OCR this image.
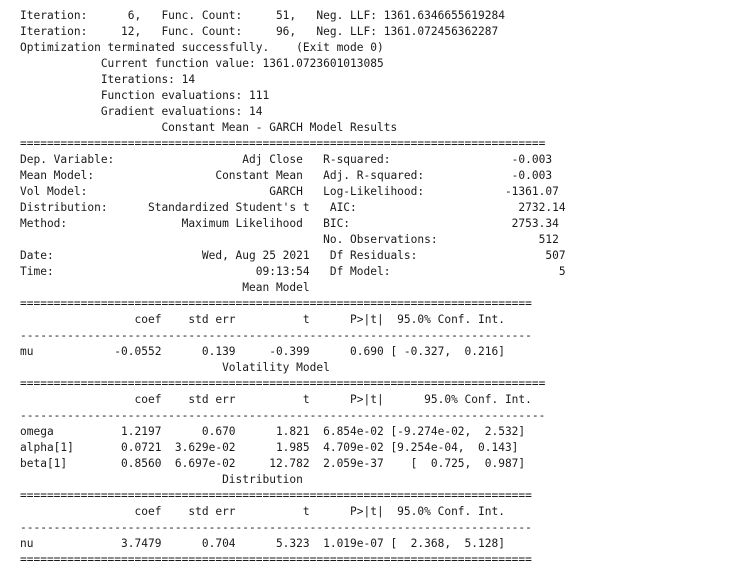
Iteration:      6,   Func. Count:     51,   Neg. LLF: 1361.6346655619284
Iteration:     12,   Func. Count:     96,   Neg. LLF: 1361.072456362287
Optimization terminated successfully.    (Exit mode 0)
Current function value: 1361.0723601013085
Iterations: 14
Function evaluations: 111
Gradient evaluations: 14
Constant Mean - GARCH Model Results
==============================================================================
Dep. Variable:                   Adj Close   R-squared:                  -0.003
Mean Model:                  Constant Mean   Adj. R-squared:             -0.003
Vol Model:                           GARCH   Log-Likelihood:            -1361.07
Distribution:      Standardized Student's t   AIC:                        2732.14
Method:                 Maximum Likelihood   BIC:                        2753.34
No. Observations:               512
Date:                      Wed, Aug 25 2021   Df Residuals:                   507
Time:                              09:13:54   Df Model:                         5
Mean Model
============================================================================
coef    std err          t      P>|t|  95.0% Conf. Int.
----------------------------------------------------------------------------
mu            -0.0552      0.139     -0.399      0.690 [ -0.327,  0.216]
Volatility Model
==============================================================================
coef    std err          t      P>|t|      95.0% Conf. Int.
------------------------------------------------------------------------------
omega          1.2197      0.670      1.821  6.854e-02 [-9.274e-02,  2.532]
alpha[1]       0.0721  3.629e-02      1.985  4.709e-02 [9.254e-04,  0.143]
beta[1]        0.8560  6.697e-02     12.782  2.059e-37    [  0.725,  0.987]
Distribution
============================================================================
coef    std err          t      P>|t|  95.0% Conf. Int.
----------------------------------------------------------------------------
nu             3.7479      0.704      5.323  1.019e-07 [  2.368,  5.128]
============================================================================
